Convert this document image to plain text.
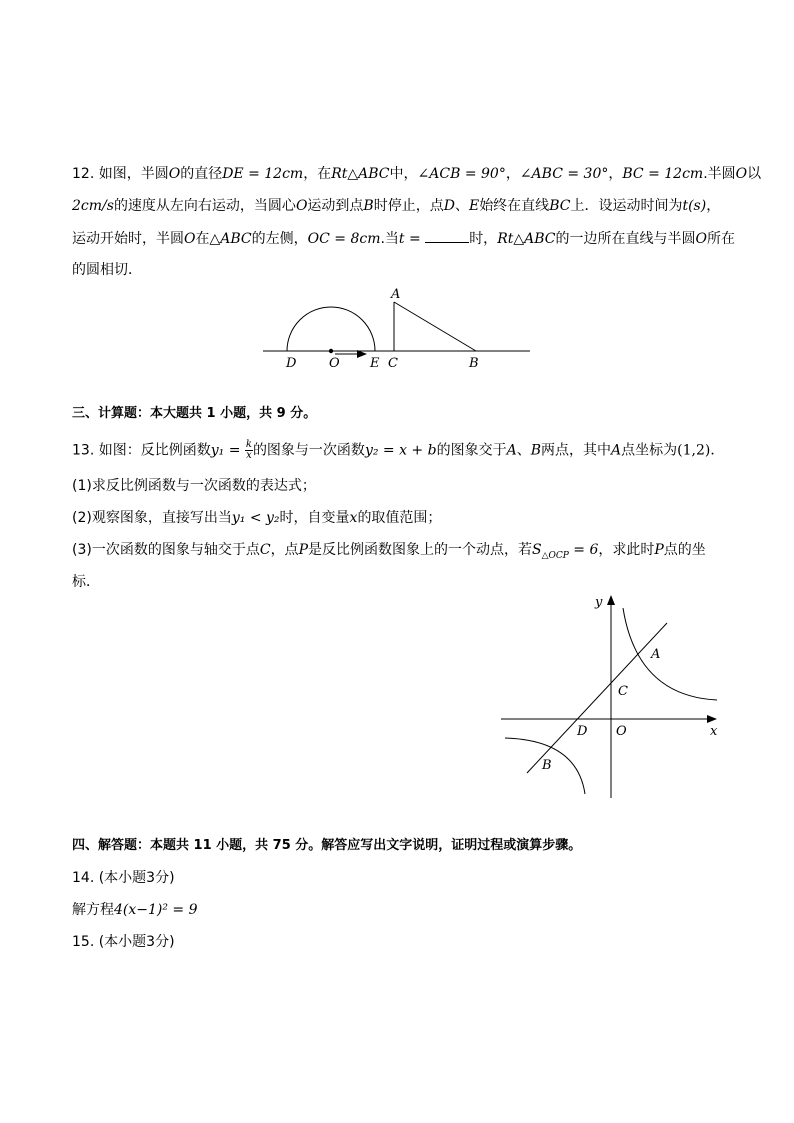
12. 如图，半圆O的直径DE = 12cm，在Rt△ABC中，∠ACB = 90°，∠ABC = 30°，BC = 12cm.半圆O以
2cm/s的速度从左向右运动，当圆心O运动到点B时停止，点D、E始终在直线BC上．设运动时间为t(s)，
运动开始时，半圆O在△ABC的左侧，OC = 8cm.当t =	时，Rt△ABC的一边所在直线与半圆O所在
的圆相切．
D	O E C	B
A
三、计算题：本大题共 1 小题，共 9 分。
13. 如图：反比例函数$y_1 = \frac{k}{x}$ 的图象与一次函数y₂ = x + b的图象交于A、B两点，其中A点坐标为(1,2)．
(1)求反比例函数与一次函数的表达式；
(2)观察图象，直接写出当y₁ < y₂时，自变量x的取值范围；
(3)一次函数的图象与轴交于点C，点P是反比例函数图象上的一个动点，若$S_{\triangle OCP} = 6$，求此时P点的坐
标．
y
x
A
C
D O
B
四、解答题：本题共 11 小题，共 75 分。解答应写出文字说明，证明过程或演算步骤。
14. (本小题3分)
解方程4(x−1)² = 9
15. (本小题3分)
